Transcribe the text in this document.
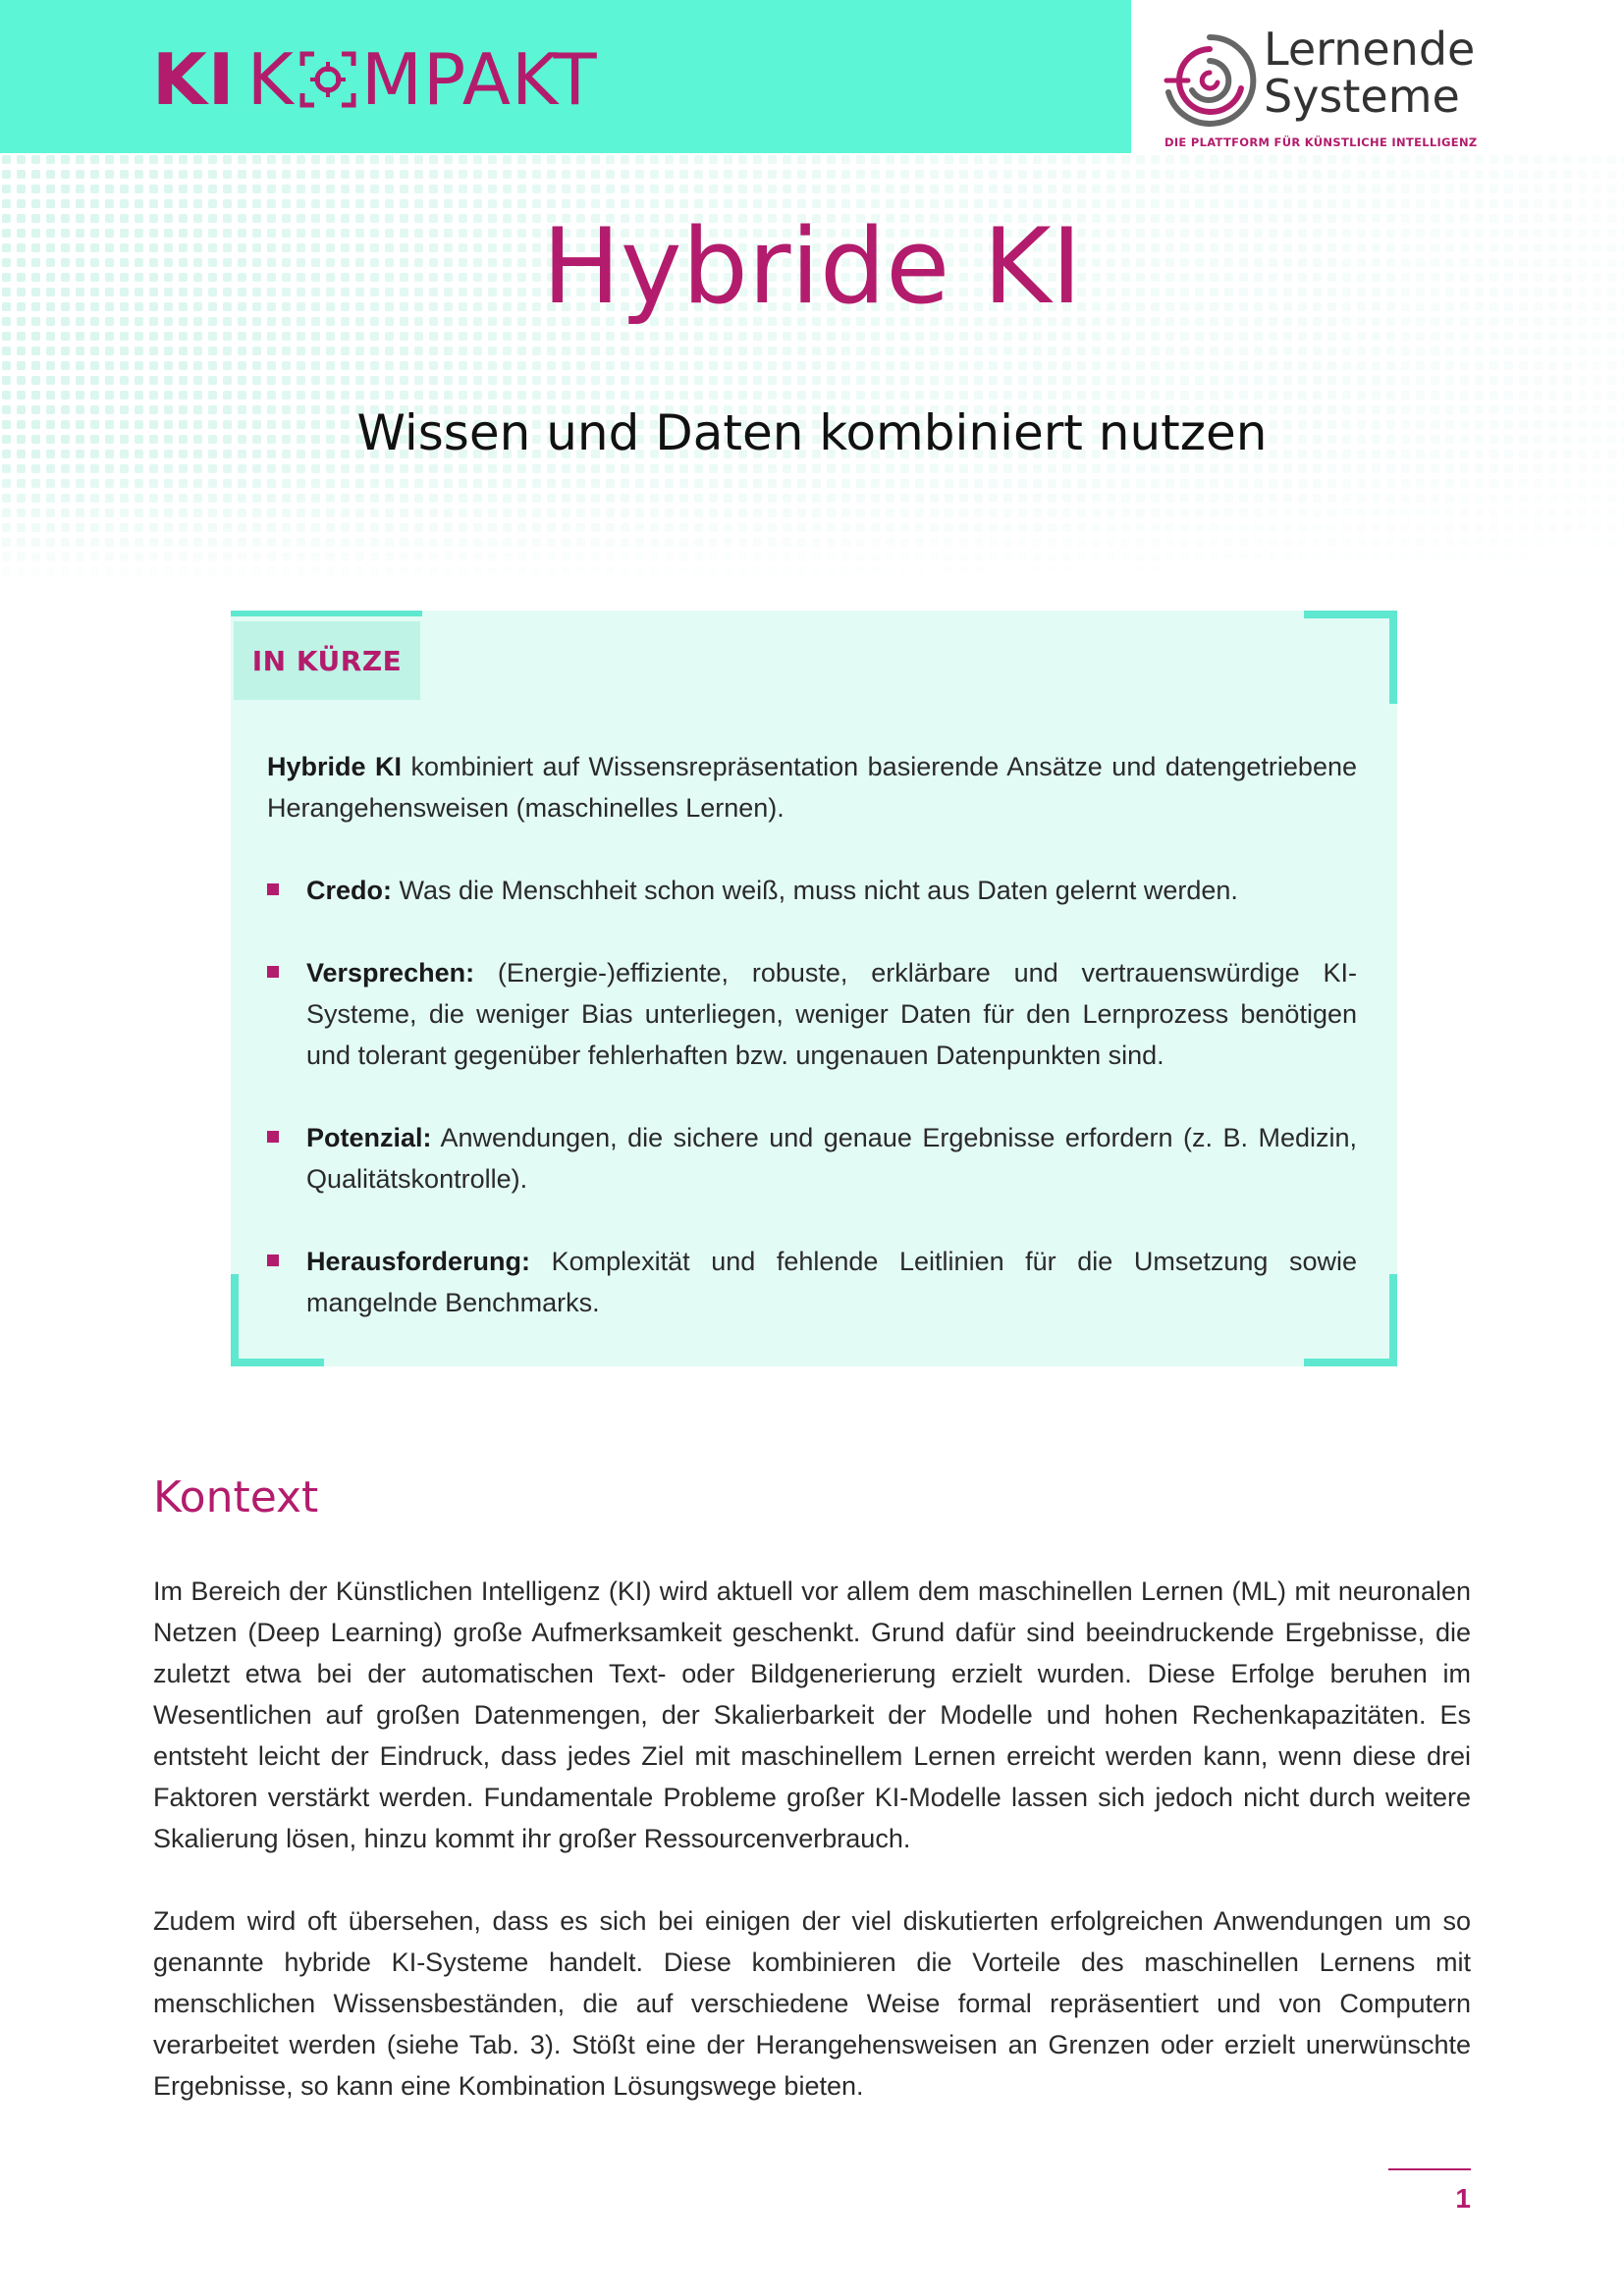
KI K MPAKT	Lernende
Systeme
DIE PLATTFORM FÜR KÜNSTLICHE INTELLIGENZ
Hybride KI
Wissen und Daten kombiniert nutzen
IN KÜRZE

Hybride KI kombiniert auf Wissensrepräsentation basierende Ansätze und datengetriebene Herangehensweisen (maschinelles Lernen).

Credo: Was die Menschheit schon weiß, muss nicht aus Daten gelernt werden.

Versprechen: (Energie-)effiziente, robuste, erklärbare und vertrauenswürdige KI-Systeme, die weniger Bias unterliegen, weniger Daten für den Lernprozess benötigen und tolerant gegenüber fehlerhaften bzw. ungenauen Datenpunkten sind.

Potenzial: Anwendungen, die sichere und genaue Ergebnisse erfordern (z. B. Medizin, Qualitätskontrolle).

Herausforderung: Komplexität und fehlende Leitlinien für die Umsetzung sowie mangelnde Benchmarks.

Kontext

Im Bereich der Künstlichen Intelligenz (KI) wird aktuell vor allem dem maschinellen Lernen (ML) mit neuronalen Netzen (Deep Learning) große Aufmerksamkeit geschenkt. Grund dafür sind beeindruckende Ergebnisse, die zuletzt etwa bei der automatischen Text- oder Bildgenerierung erzielt wurden. Diese Erfolge beruhen im Wesentlichen auf großen Datenmengen, der Skalierbarkeit der Modelle und hohen Rechenkapazitäten. Es entsteht leicht der Eindruck, dass jedes Ziel mit maschinellem Lernen erreicht werden kann, wenn diese drei Faktoren verstärkt werden. Fundamentale Probleme großer KI-Modelle lassen sich jedoch nicht durch weitere Skalierung lösen, hinzu kommt ihr großer Ressourcenverbrauch.

Zudem wird oft übersehen, dass es sich bei einigen der viel diskutierten erfolgreichen Anwendungen um so genannte hybride KI-Systeme handelt. Diese kombinieren die Vorteile des maschinellen Lernens mit menschlichen Wissensbeständen, die auf verschiedene Weise formal repräsentiert und von Computern verarbeitet werden (siehe Tab. 3). Stößt eine der Herangehensweisen an Grenzen oder erzielt unerwünschte Ergebnisse, so kann eine Kombination Lösungswege bieten.

1
